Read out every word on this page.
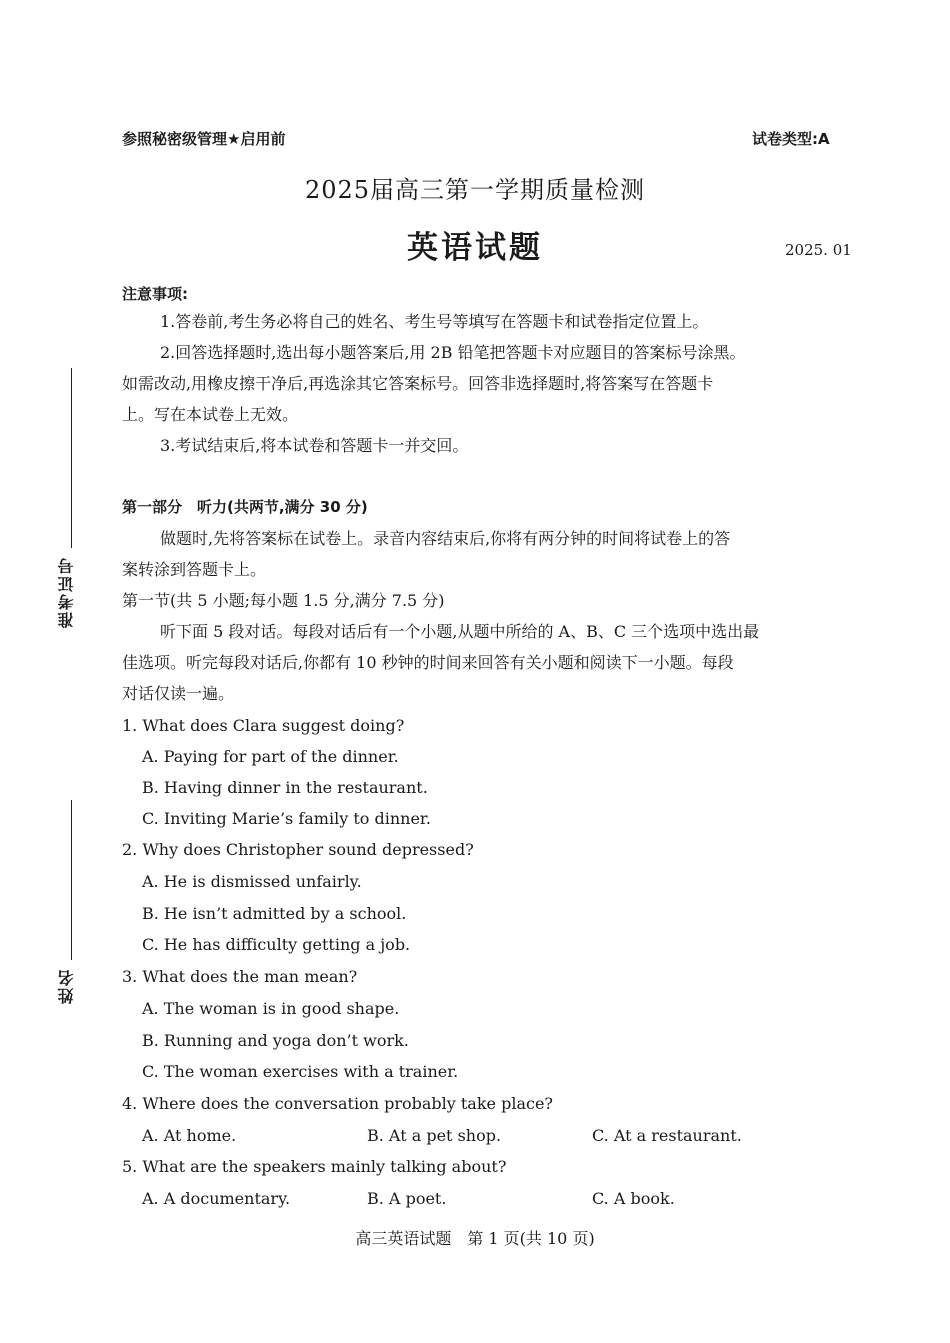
参照秘密级管理★启用前	试卷类型:A
2025届高三第一学期质量检测
英语试题	2025. 01
准考证号
姓名
注意事项:
1.答卷前,考生务必将自己的姓名、考生号等填写在答题卡和试卷指定位置上。
2.回答选择题时,选出每小题答案后,用 2B 铅笔把答题卡对应题目的答案标号涂黑。
如需改动,用橡皮擦干净后,再选涂其它答案标号。回答非选择题时,将答案写在答题卡
上。写在本试卷上无效。
3.考试结束后,将本试卷和答题卡一并交回。
第一部分　听力(共两节,满分 30 分)
做题时,先将答案标在试卷上。录音内容结束后,你将有两分钟的时间将试卷上的答
案转涂到答题卡上。
第一节(共 5 小题;每小题 1.5 分,满分 7.5 分)
听下面 5 段对话。每段对话后有一个小题,从题中所给的 A、B、C 三个选项中选出最
佳选项。听完每段对话后,你都有 10 秒钟的时间来回答有关小题和阅读下一小题。每段
对话仅读一遍。
1. What does Clara suggest doing?
A. Paying for part of the dinner.
B. Having dinner in the restaurant.
C. Inviting Marie’s family to dinner.
2. Why does Christopher sound depressed?
A. He is dismissed unfairly.
B. He isn’t admitted by a school.
C. He has difficulty getting a job.
3. What does the man mean?
A. The woman is in good shape.
B. Running and yoga don’t work.
C. The woman exercises with a trainer.
4. Where does the conversation probably take place?
A. At home.	B. At a pet shop.	C. At a restaurant.
5. What are the speakers mainly talking about?
A. A documentary.	B. A poet.	C. A book.
高三英语试题　第 1 页(共 10 页)
